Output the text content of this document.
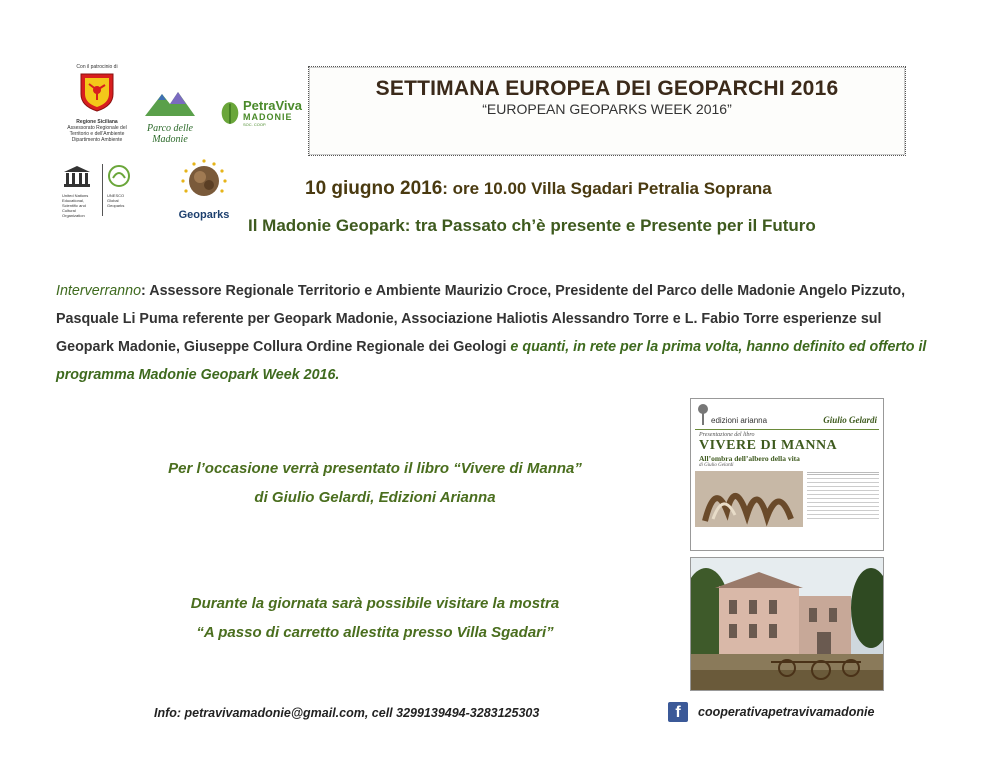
Con il patrocinio di
Regione Siciliana
Assessorato Regionale del
Territorio e dell'Ambiente
Dipartimento Ambiente
Parco delle Madonie
PetraViva
MADONIE
SOC. COOP.
United Nations
Educational, Scientific and
Cultural Organization
UNESCO
Global
Geoparks
Geoparks
SETTIMANA EUROPEA DEI GEOPARCHI 2016
“EUROPEAN GEOPARKS WEEK 2016”
10 giugno 2016: ore 10.00 Villa Sgadari Petralia Soprana
Il Madonie Geopark: tra Passato ch’è presente e Presente per il Futuro
Interverranno: Assessore Regionale Territorio e Ambiente Maurizio Croce, Presidente del Parco delle Madonie Angelo Pizzuto, Pasquale Li Puma referente per Geopark Madonie, Associazione Haliotis Alessandro Torre e L. Fabio Torre esperienze sul Geopark Madonie, Giuseppe Collura Ordine Regionale dei Geologi e quanti, in rete per la prima volta, hanno definito ed offerto il programma Madonie Geopark Week 2016.
Per l’occasione verrà presentato il libro “Vivere di Manna”
di Giulio Gelardi, Edizioni Arianna
edizioni arianna	Giulio Gelardi
Presentazione del libro
VIVERE DI MANNA
All’ombra dell’albero della vita
di Giulio Gelardi
Durante la giornata sarà possibile visitare la mostra
“A passo di carretto allestita presso Villa Sgadari”
Info: petravivamadonie@gmail.com, cell 3299139494-3283125303	f	cooperativapetravivamadonie
